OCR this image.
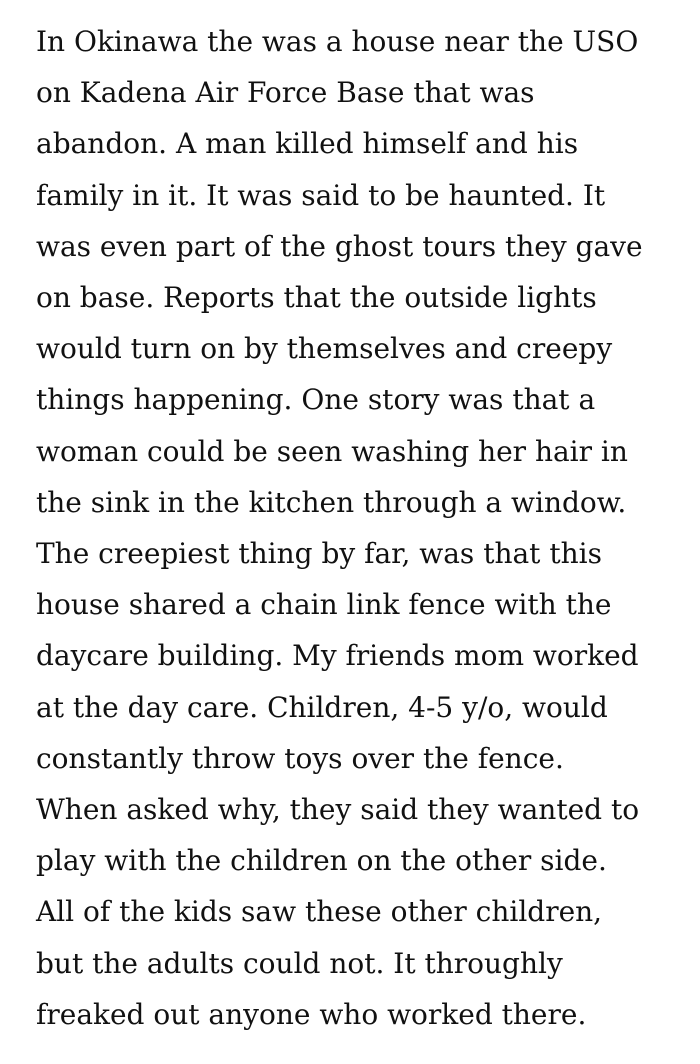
In Okinawa the was a house near the USO
on Kadena Air Force Base that was
abandon. A man killed himself and his
family in it. It was said to be haunted. It
was even part of the ghost tours they gave
on base. Reports that the outside lights
would turn on by themselves and creepy
things happening. One story was that a
woman could be seen washing her hair in
the sink in the kitchen through a window.
The creepiest thing by far, was that this
house shared a chain link fence with the
daycare building. My friends mom worked
at the day care. Children, 4-5 y/o, would
constantly throw toys over the fence.
When asked why, they said they wanted to
play with the children on the other side.
All of the kids saw these other children,
but the adults could not. It throughly
freaked out anyone who worked there.
